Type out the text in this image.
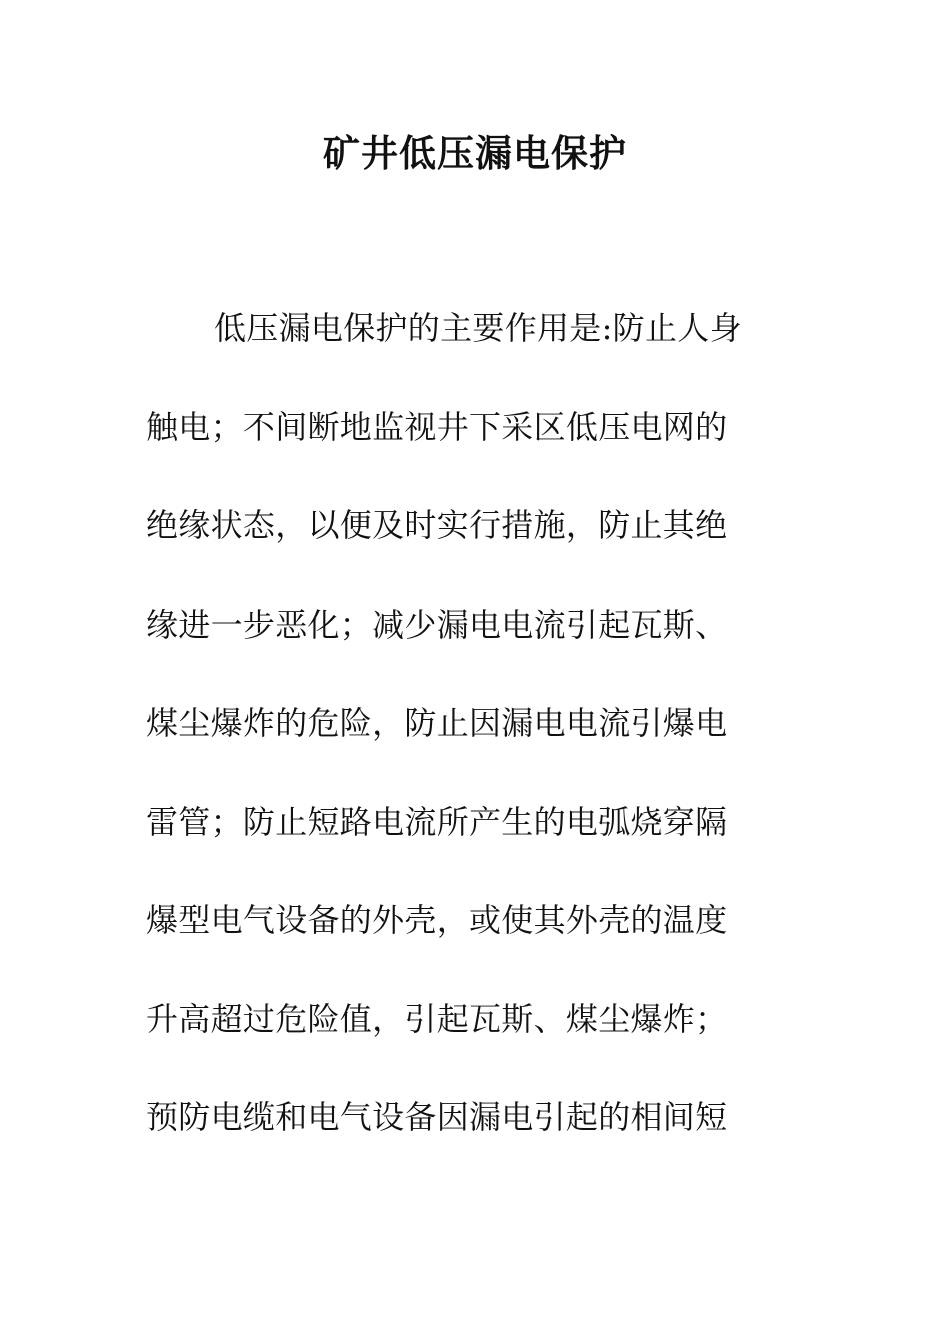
矿井低压漏电保护
低压漏电保护的主要作用是:防止人身
触电；不间断地监视井下采区低压电网的
绝缘状态，以便及时实行措施，防止其绝
缘进一步恶化；减少漏电电流引起瓦斯、
煤尘爆炸的危险，防止因漏电电流引爆电
雷管；防止短路电流所产生的电弧烧穿隔
爆型电气设备的外壳，或使其外壳的温度
升高超过危险值，引起瓦斯、煤尘爆炸；
预防电缆和电气设备因漏电引起的相间短
